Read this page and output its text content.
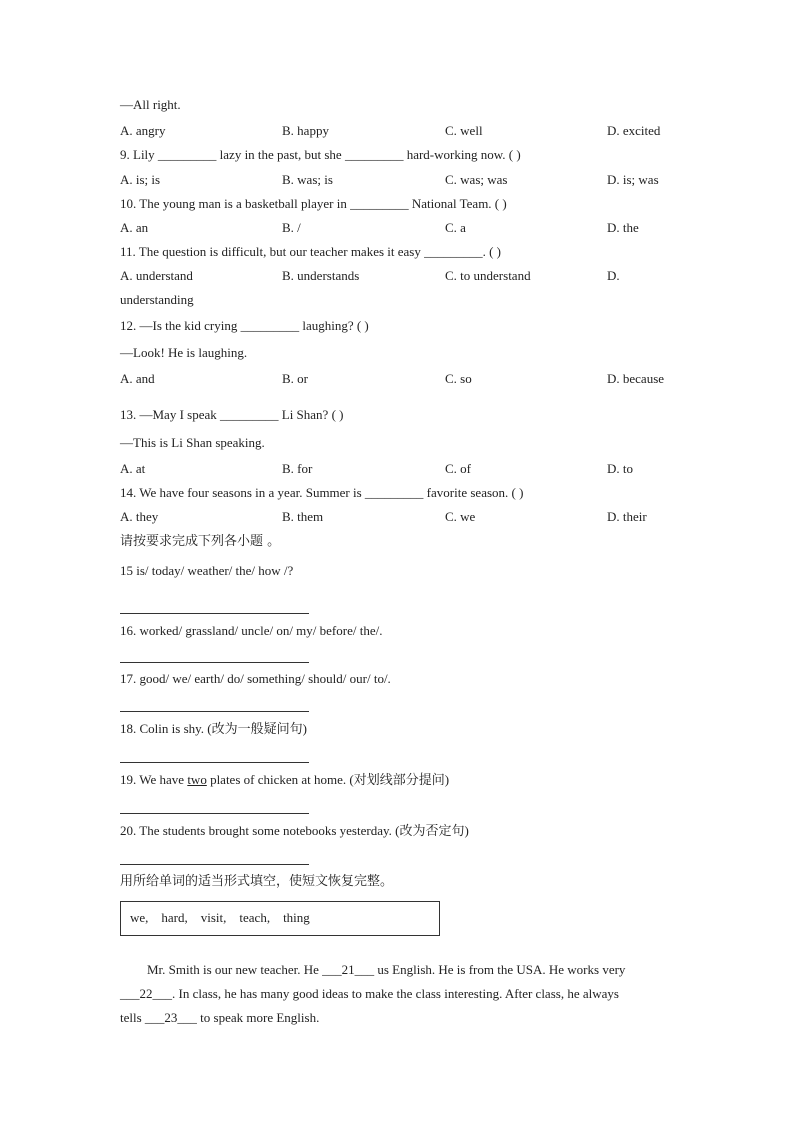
—All right.
A. angry	B. happy	C. well	D. excited
9. Lily _________ lazy in the past, but she _________ hard-working now. ( )
A. is; is	B. was; is	C. was; was	D. is; was
10. The young man is a basketball player in _________ National Team. ( )
A. an	B. /	C. a	D. the
11. The question is difficult, but our teacher makes it easy _________. ( )
A. understand	B. understands	C. to understand	D.
understanding
12. —Is the kid crying _________ laughing? ( )
—Look! He is laughing.
A. and	B. or	C. so	D. because
13. —May I speak _________ Li Shan? ( )
—This is Li Shan speaking.
A. at	B. for	C. of	D. to
14. We have four seasons in a year. Summer is _________ favorite season. ( )
A. they	B. them	C. we	D. their
请按要求完成下列各小题 。
15 is/ today/ weather/ the/ how /?
16. worked/ grassland/ uncle/ on/ my/ before/ the/.
17. good/ we/ earth/ do/ something/ should/ our/ to/.
18. Colin is shy. (改为一般疑问句)
19. We have two plates of chicken at home. (对划线部分提问)
20. The students brought some notebooks yesterday. (改为否定句)
用所给单词的适当形式填空，使短文恢复完整。
we,    hard,    visit,    teach,    thing
Mr. Smith is our new teacher. He ___21___ us English. He is from the USA. He works very
___22___. In class, he has many good ideas to make the class interesting. After class, he always
tells ___23___ to speak more English.
